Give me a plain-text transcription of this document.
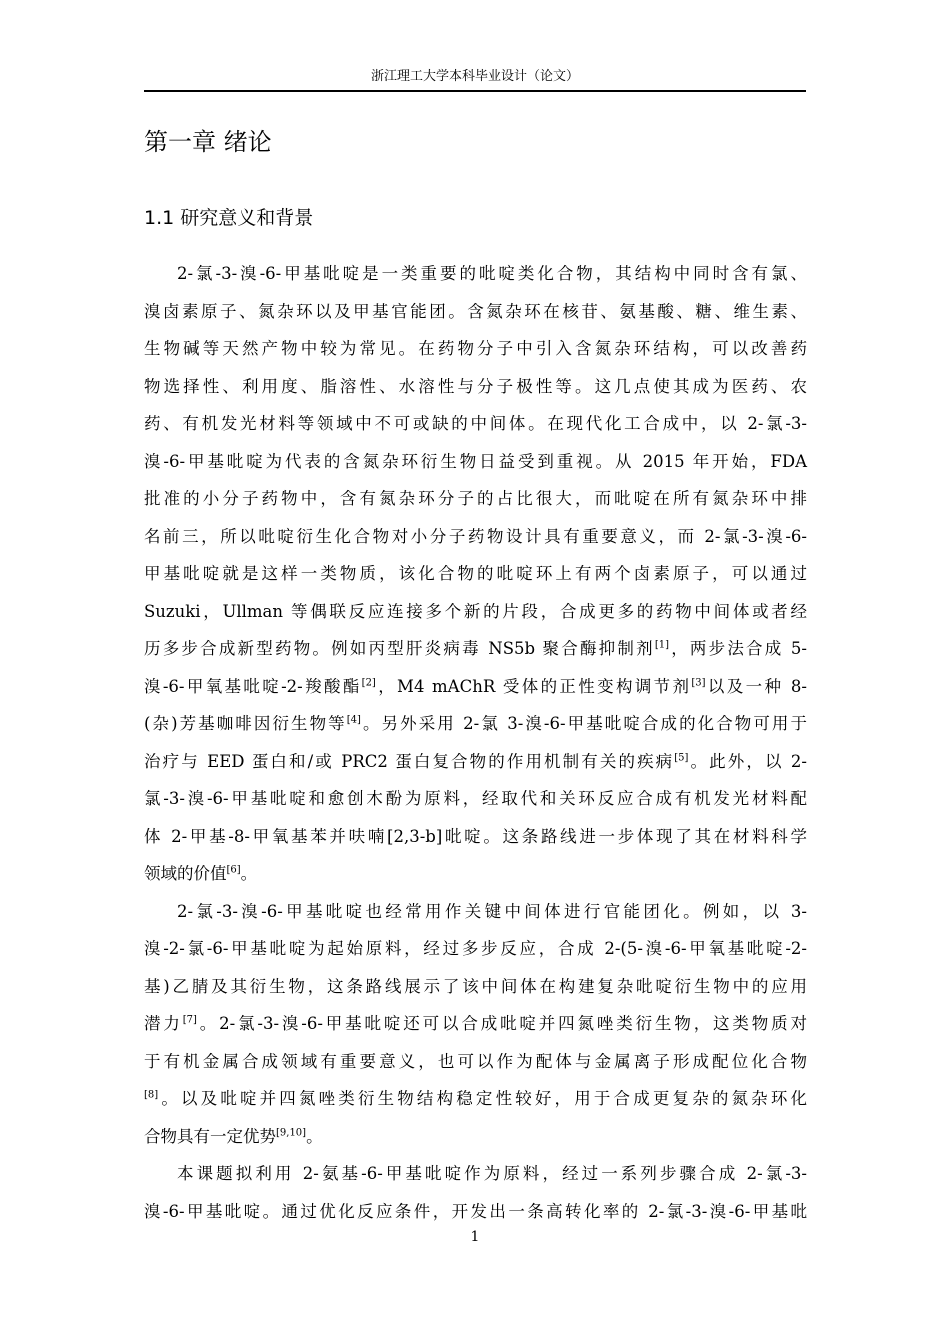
浙江理工大学本科毕业设计（论文）
第一章 绪论
1.1 研究意义和背景
2-氯-3-溴-6-甲基吡啶是一类重要的吡啶类化合物，其结构中同时含有氯、
溴卤素原子、氮杂环以及甲基官能团。含氮杂环在核苷、氨基酸、糖、维生素、
生物碱等天然产物中较为常见。在药物分子中引入含氮杂环结构，可以改善药
物选择性、利用度、脂溶性、水溶性与分子极性等。这几点使其成为医药、农
药、有机发光材料等领域中不可或缺的中间体。在现代化工合成中，以 2-氯-3-
溴-6-甲基吡啶为代表的含氮杂环衍生物日益受到重视。从 2015 年开始，FDA
批准的小分子药物中，含有氮杂环分子的占比很大，而吡啶在所有氮杂环中排
名前三，所以吡啶衍生化合物对小分子药物设计具有重要意义，而 2-氯-3-溴-6-
甲基吡啶就是这样一类物质，该化合物的吡啶环上有两个卤素原子，可以通过
Suzuki，Ullman 等偶联反应连接多个新的片段，合成更多的药物中间体或者经
历多步合成新型药物。例如丙型肝炎病毒 NS5b 聚合酶抑制剂[1]，两步法合成 5-
溴-6-甲氧基吡啶-2-羧酸酯[2]，M4 mAChR 受体的正性变构调节剂[3]以及一种 8-
(杂)芳基咖啡因衍生物等[4]。另外采用 2-氯 3-溴-6-甲基吡啶合成的化合物可用于
治疗与 EED 蛋白和/或 PRC2 蛋白复合物的作用机制有关的疾病[5]。此外，以 2-
氯-3-溴-6-甲基吡啶和愈创木酚为原料，经取代和关环反应合成有机发光材料配
体 2-甲基-8-甲氧基苯并呋喃[2,3-b]吡啶。这条路线进一步体现了其在材料科学
领域的价值[6]。
2-氯-3-溴-6-甲基吡啶也经常用作关键中间体进行官能团化。例如，以 3-
溴-2-氯-6-甲基吡啶为起始原料，经过多步反应，合成 2-(5-溴-6-甲氧基吡啶-2-
基)乙腈及其衍生物，这条路线展示了该中间体在构建复杂吡啶衍生物中的应用
潜力[7]。2-氯-3-溴-6-甲基吡啶还可以合成吡啶并四氮唑类衍生物，这类物质对
于有机金属合成领域有重要意义，也可以作为配体与金属离子形成配位化合物
[8]。以及吡啶并四氮唑类衍生物结构稳定性较好，用于合成更复杂的氮杂环化
合物具有一定优势[9,10]。
本课题拟利用 2-氨基-6-甲基吡啶作为原料，经过一系列步骤合成 2-氯-3-
溴-6-甲基吡啶。通过优化反应条件，开发出一条高转化率的 2-氯-3-溴-6-甲基吡
1
